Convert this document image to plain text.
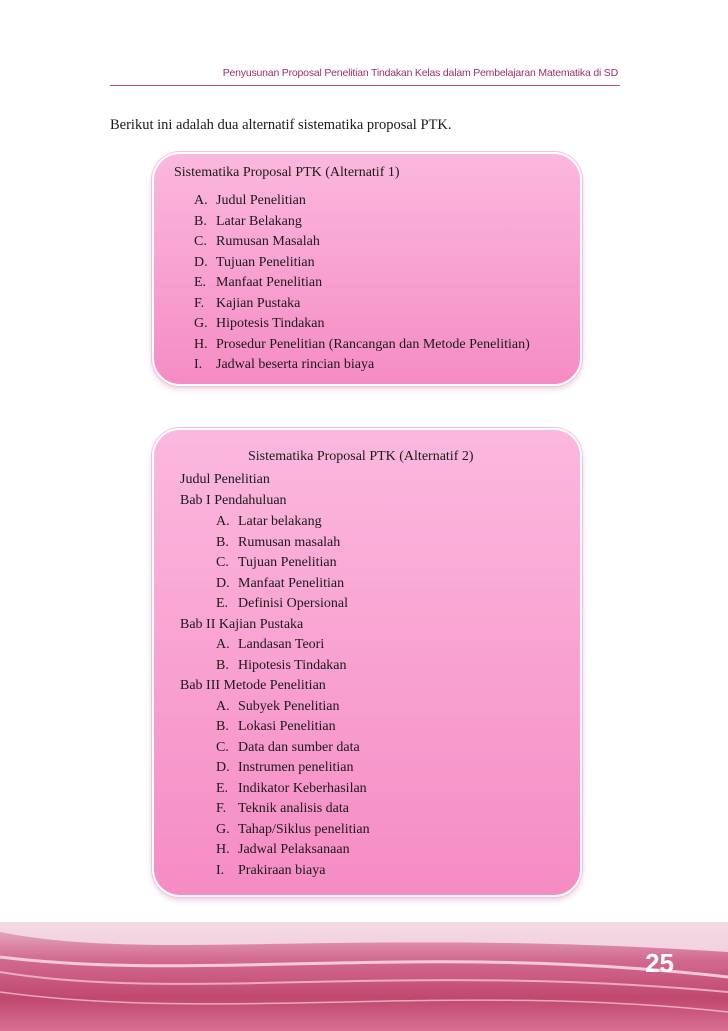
Penyusunan Proposal Penelitian Tindakan Kelas dalam Pembelajaran Matematika di SD
Berikut ini adalah dua alternatif sistematika proposal PTK.
Sistematika Proposal PTK (Alternatif 1)
A. Judul Penelitian
B. Latar Belakang
C. Rumusan Masalah
D. Tujuan Penelitian
E. Manfaat Penelitian
F. Kajian Pustaka
G. Hipotesis Tindakan
H. Prosedur Penelitian (Rancangan dan Metode Penelitian)
I. Jadwal beserta rincian biaya
Sistematika Proposal PTK (Alternatif 2)
Judul Penelitian
Bab I Pendahuluan
A. Latar belakang
B. Rumusan masalah
C. Tujuan Penelitian
D. Manfaat Penelitian
E. Definisi Opersional
Bab II Kajian Pustaka
A. Landasan Teori
B. Hipotesis Tindakan
Bab III Metode Penelitian
A. Subyek Penelitian
B. Lokasi Penelitian
C. Data dan sumber data
D. Instrumen penelitian
E. Indikator Keberhasilan
F. Teknik analisis data
G. Tahap/Siklus penelitian
H. Jadwal Pelaksanaan
I. Prakiraan biaya
25
